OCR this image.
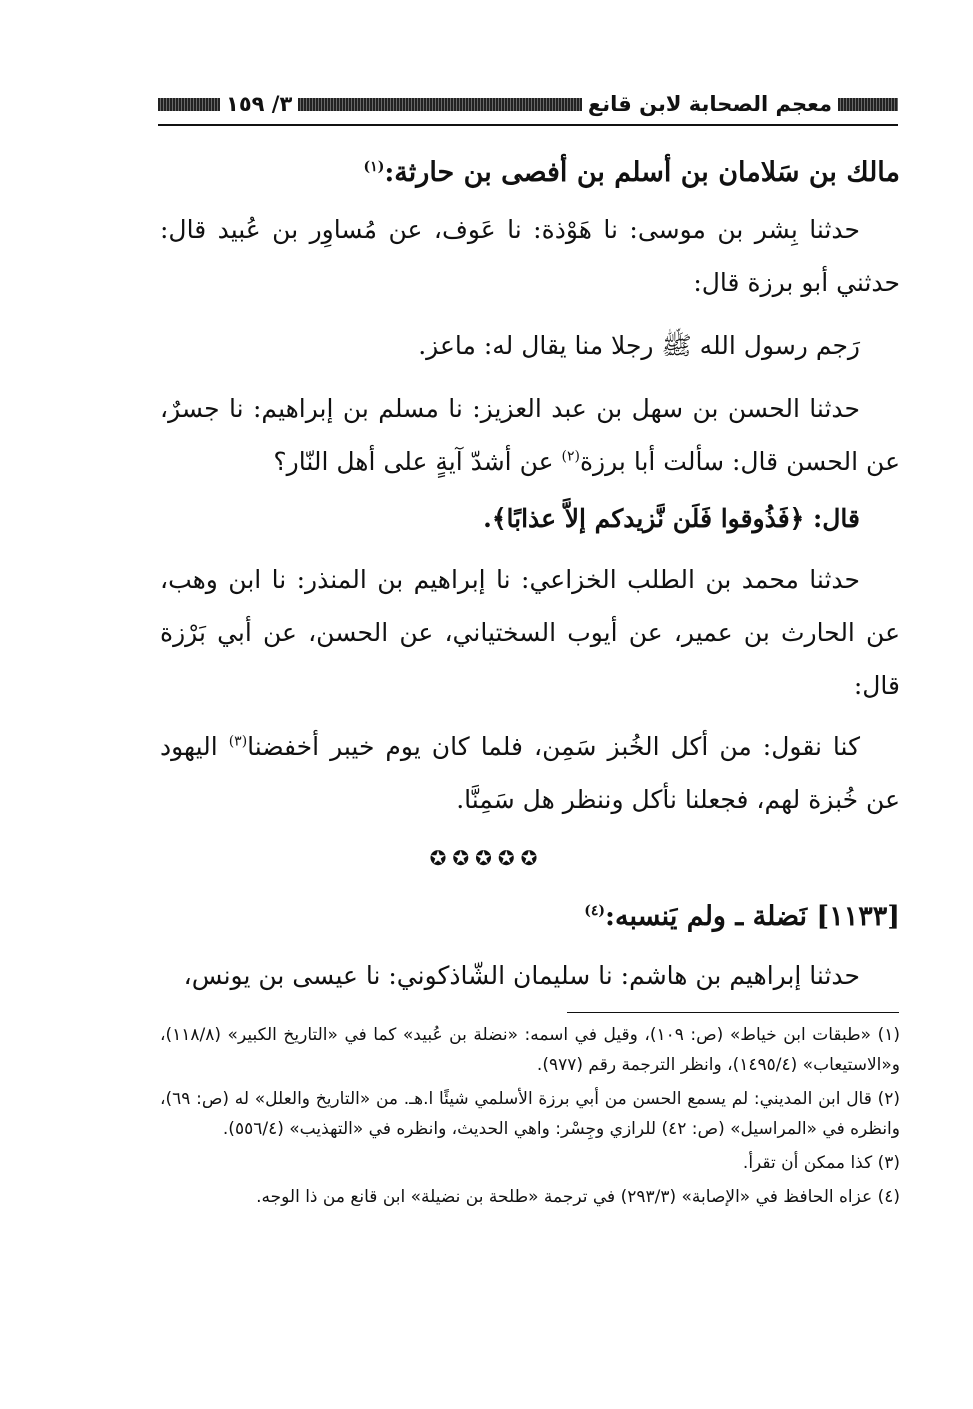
معجم الصحابة لابن قانع
٣/ ١٥٩

مالك بن سَلامان بن أسلم بن أفصى بن حارثة:$^{(١)}$

حدثنا بِشر بن موسى: نا هَوْذة: نا عَوف، عن مُساوِر بن عُبيد قال: حدثني أبو برزة قال:

رَجم رسول الله ﷺ رجلا منا يقال له: ماعز.

حدثنا الحسن بن سهل بن عبد العزيز: نا مسلم بن إبراهيم: نا جسرٌ، عن الحسن قال: سألت أبا برزة$^{(٢)}$ عن أشدّ آيةٍ على أهل النّار؟

قال: ﴿فَذُوقوا فَلَن نَّزيدكم إلاَّ عذابًا﴾.

حدثنا محمد بن الطلب الخزاعي: نا إبراهيم بن المنذر: نا ابن وهب، عن الحارث بن عمير، عن أيوب السختياني، عن الحسن، عن أبي بَرْزة قال:

كنا نقول: من أكل الخُبز سَمِن، فلما كان يوم خيبر أخفضنا$^{(٣)}$ اليهود عن خُبزة لهم، فجعلنا نأكل وننظر هل سَمِنَّا.

✪✪✪✪✪

[١١٣٣] نَضلة ـ ولم يَنسبه:$^{(٤)}$

حدثنا إبراهيم بن هاشم: نا سليمان الشّاذكوني: نا عيسى بن يونس،

(١) «طبقات ابن خياط» (ص: ١٠٩)، وقيل في اسمه: «نضلة بن عُبيد» كما في «التاريخ الكبير» (١١٨/٨)، و«الاستيعاب» (١٤٩٥/٤)، وانظر الترجمة رقم (٩٧٧).

(٢) قال ابن المديني: لم يسمع الحسن من أبي برزة الأسلمي شيئًا ا.هـ. من «التاريخ والعلل» له (ص: ٦٩)، وانظره في «المراسيل» (ص: ٤٢) للرازي وجِسْر: واهي الحديث، وانظره في «التهذيب» (٥٥٦/٤).

(٣) كذا ممكن أن تقرأ.

(٤) عزاه الحافظ في «الإصابة» (٢٩٣/٣) في ترجمة «طلحة بن نضيلة» ابن قانع من ذا الوجه.
